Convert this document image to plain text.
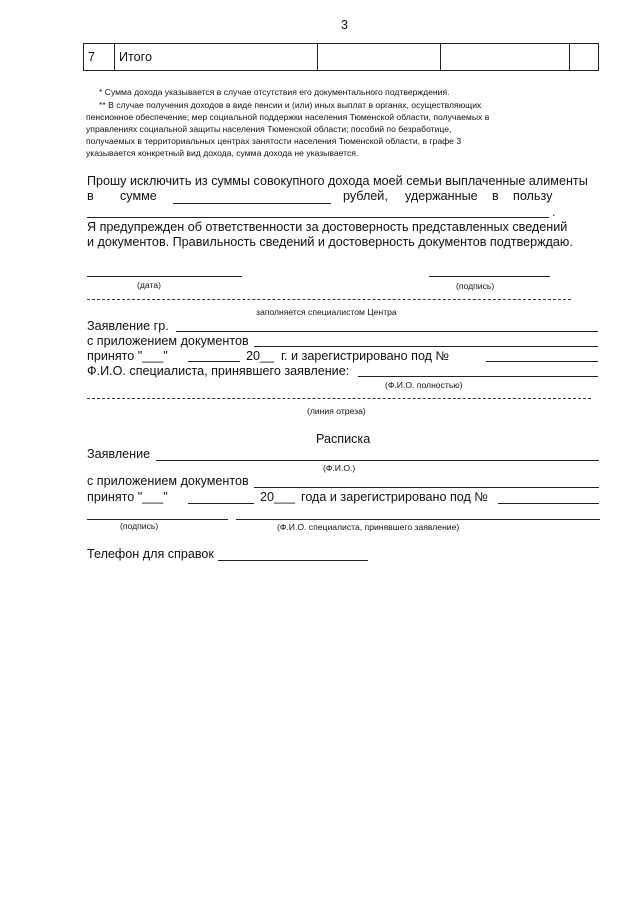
3
7	Итого			
* Сумма дохода указывается в случае отсутствия его документального подтверждения.
** В случае получения доходов в виде пенсии и (или) иных выплат в органах, осуществляющих
пенсионное обеспечение; мер социальной поддержки населения Тюменской области, получаемых в
управлениях социальной защиты населения Тюменской области; пособий по безработице,
получаемых в территориальных центрах занятости населения Тюменской области, в графе 3
указывается конкретный вид дохода, сумма дохода не указывается.
Прошу исключить из суммы совокупного дохода моей семьи выплаченные алименты
в сумме	рублей, удержанные в пользу
.
Я предупрежден об ответственности за достоверность представленных сведений
и документов. Правильность сведений и достоверность документов подтверждаю.
(дата)	(подпись)
заполняется специалистом Центра
Заявление гр.
с приложением документов
принято "___"	20__ г. и зарегистрировано под №
Ф.И.О. специалиста, принявшего заявление:
(Ф.И.О. полностью)
(линия отреза)
Расписка
Заявление
(Ф.И.О.)
с приложением документов
принято "___"	20___ года и зарегистрировано под №
(подпись)	(Ф.И.О. специалиста, принявшего заявление)
Телефон для справок
